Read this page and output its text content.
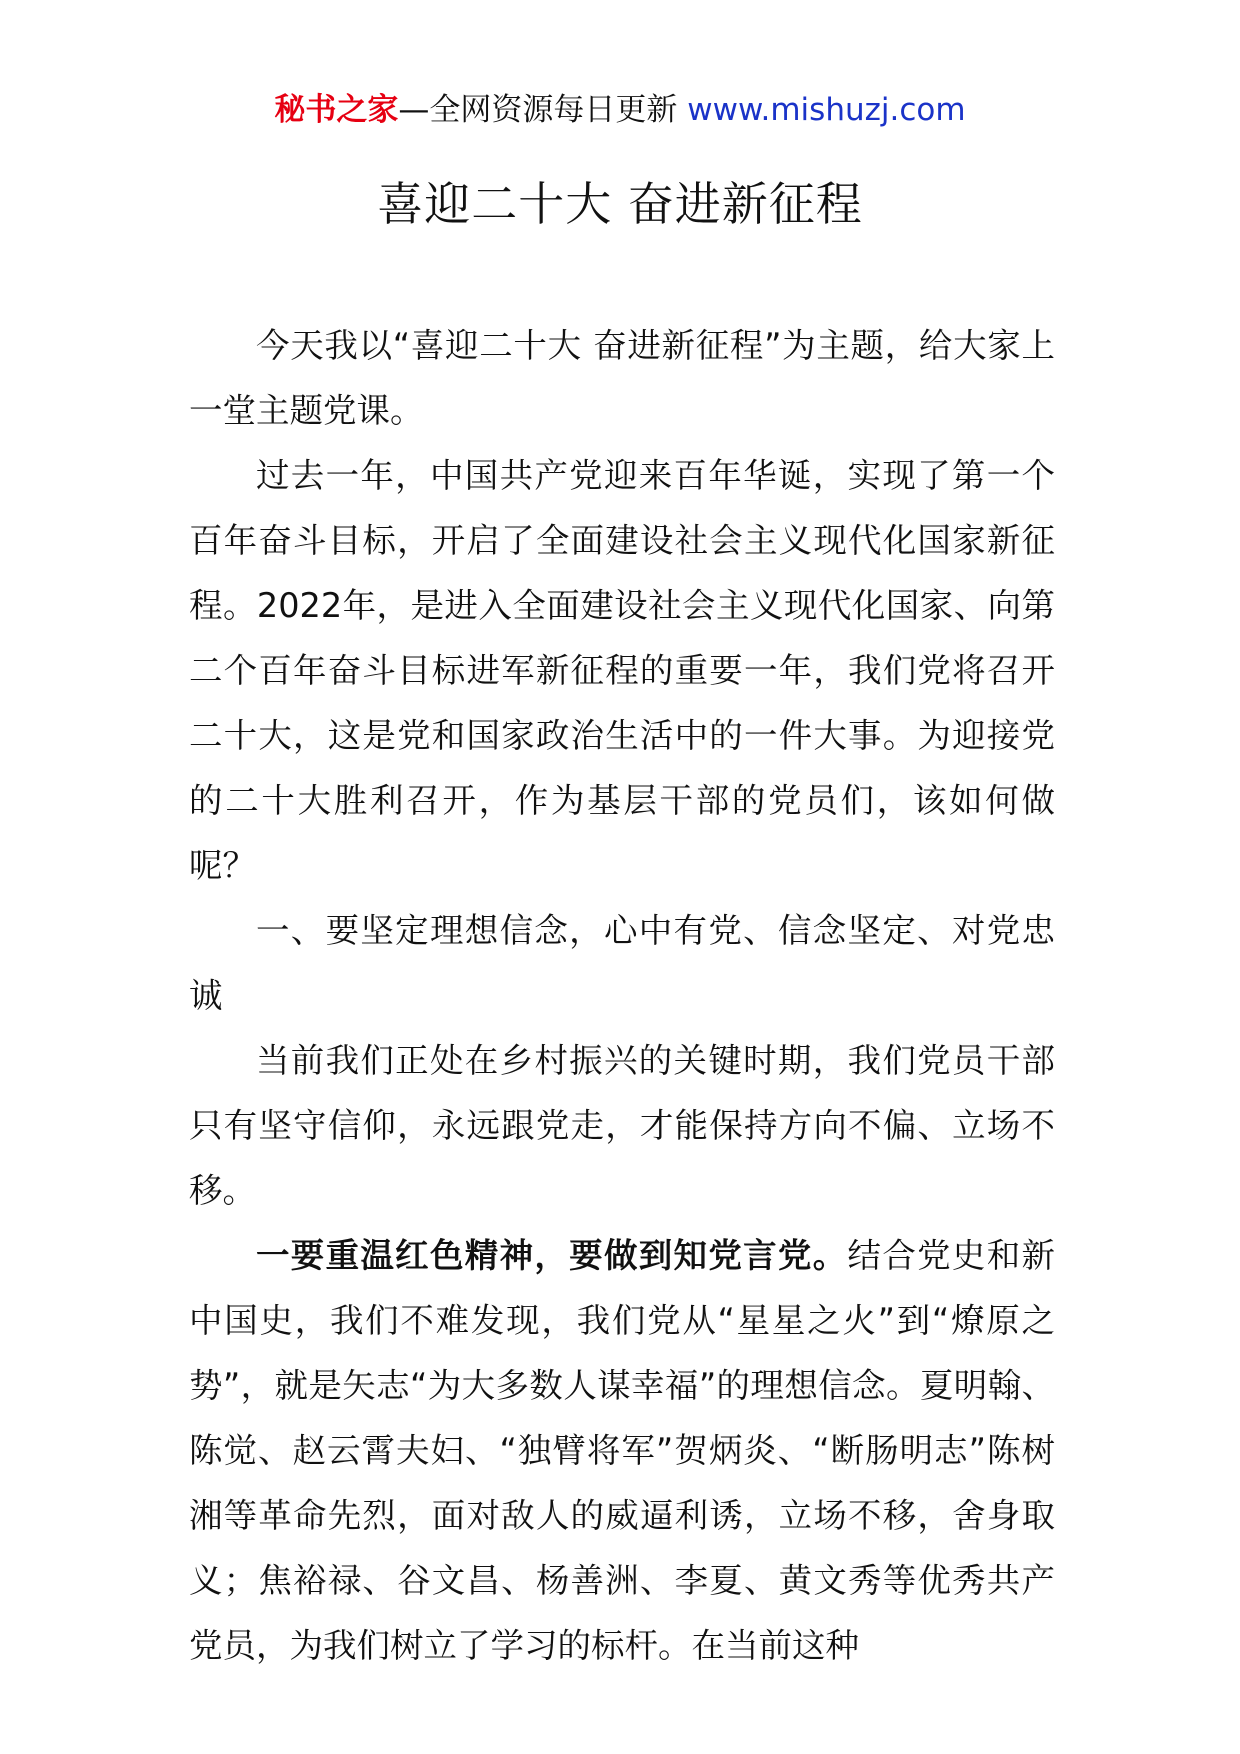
秘书之家—全网资源每日更新 www.mishuzj.com
喜迎二十大 奋进新征程

今天我以“喜迎二十大 奋进新征程”为主题，给大家上一堂主题党课。

过去一年，中国共产党迎来百年华诞，实现了第一个百年奋斗目标，开启了全面建设社会主义现代化国家新征程。2022年，是进入全面建设社会主义现代化国家、向第二个百年奋斗目标进军新征程的重要一年，我们党将召开二十大，这是党和国家政治生活中的一件大事。为迎接党的二十大胜利召开，作为基层干部的党员们，该如何做呢？

一、要坚定理想信念，心中有党、信念坚定、对党忠诚

当前我们正处在乡村振兴的关键时期，我们党员干部只有坚守信仰，永远跟党走，才能保持方向不偏、立场不移。

一要重温红色精神，要做到知党言党。结合党史和新中国史，我们不难发现，我们党从“星星之火”到“燎原之势”，就是矢志“为大多数人谋幸福”的理想信念。夏明翰、陈觉、赵云霄夫妇、“独臂将军”贺炳炎、“断肠明志”陈树湘等革命先烈，面对敌人的威逼利诱，立场不移，舍身取义；焦裕禄、谷文昌、杨善洲、李夏、黄文秀等优秀共产党员，为我们树立了学习的标杆。在当前这种
